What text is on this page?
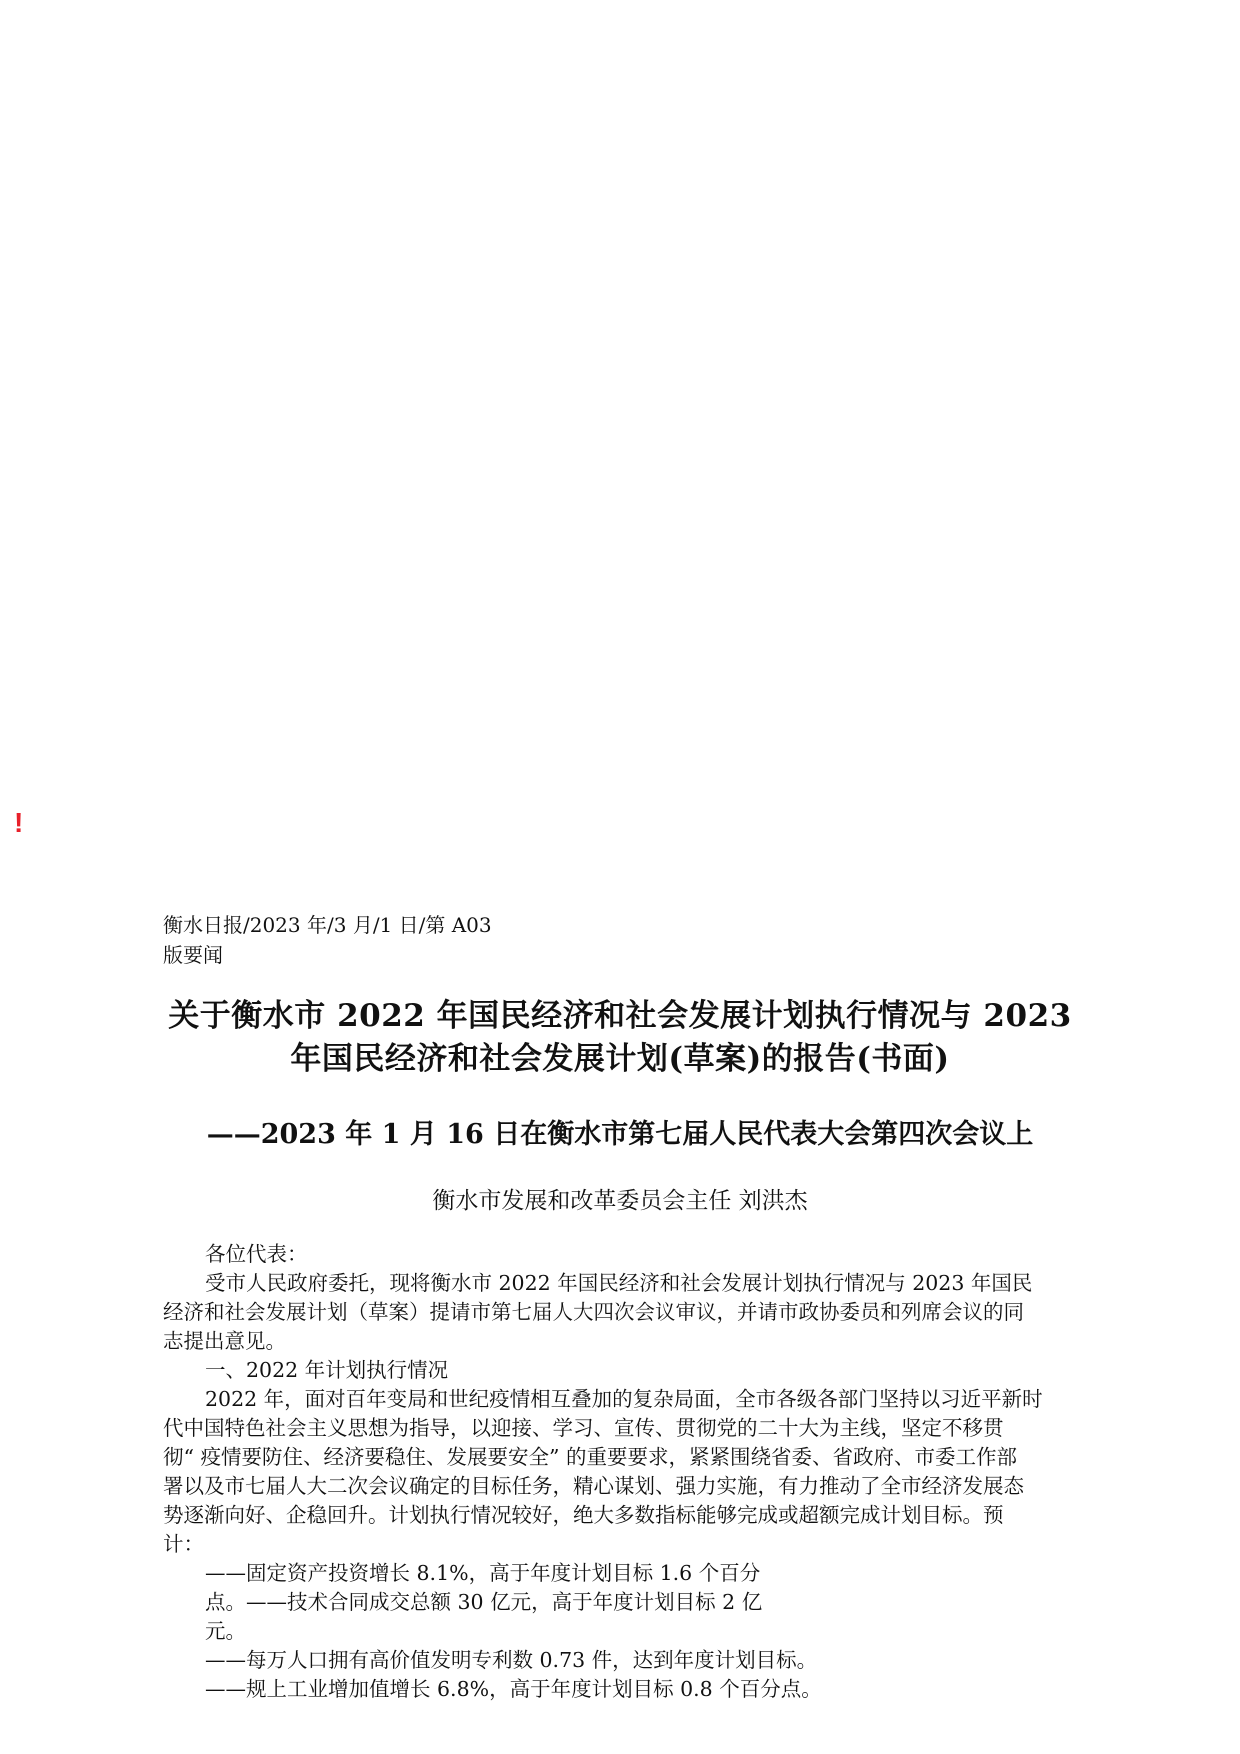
!
衡水日报/2023 年/3 月/1 日/第 A03
版要闻
关于衡水市 2022 年国民经济和社会发展计划执行情况与 2023
年国民经济和社会发展计划(草案)的报告(书面)
——2023 年 1 月 16 日在衡水市第七届人民代表大会第四次会议上
衡水市发展和改革委员会主任 刘洪杰
各位代表：
受市人民政府委托，现将衡水市 2022 年国民经济和社会发展计划执行情况与 2023 年国民
经济和社会发展计划（草案）提请市第七届人大四次会议审议，并请市政协委员和列席会议的同
志提出意见。
一、2022 年计划执行情况
2022 年，面对百年变局和世纪疫情相互叠加的复杂局面，全市各级各部门坚持以习近平新时
代中国特色社会主义思想为指导，以迎接、学习、宣传、贯彻党的二十大为主线，坚定不移贯
彻“ 疫情要防住、经济要稳住、发展要安全” 的重要要求，紧紧围绕省委、省政府、市委工作部
署以及市七届人大二次会议确定的目标任务，精心谋划、强力实施，有力推动了全市经济发展态
势逐渐向好、企稳回升。计划执行情况较好，绝大多数指标能够完成或超额完成计划目标。预
计：
——固定资产投资增长 8.1%，高于年度计划目标 1.6 个百分
点。——技术合同成交总额 30 亿元，高于年度计划目标 2 亿
元。
——每万人口拥有高价值发明专利数 0.73 件，达到年度计划目标。
——规上工业增加值增长 6.8%，高于年度计划目标 0.8 个百分点。
